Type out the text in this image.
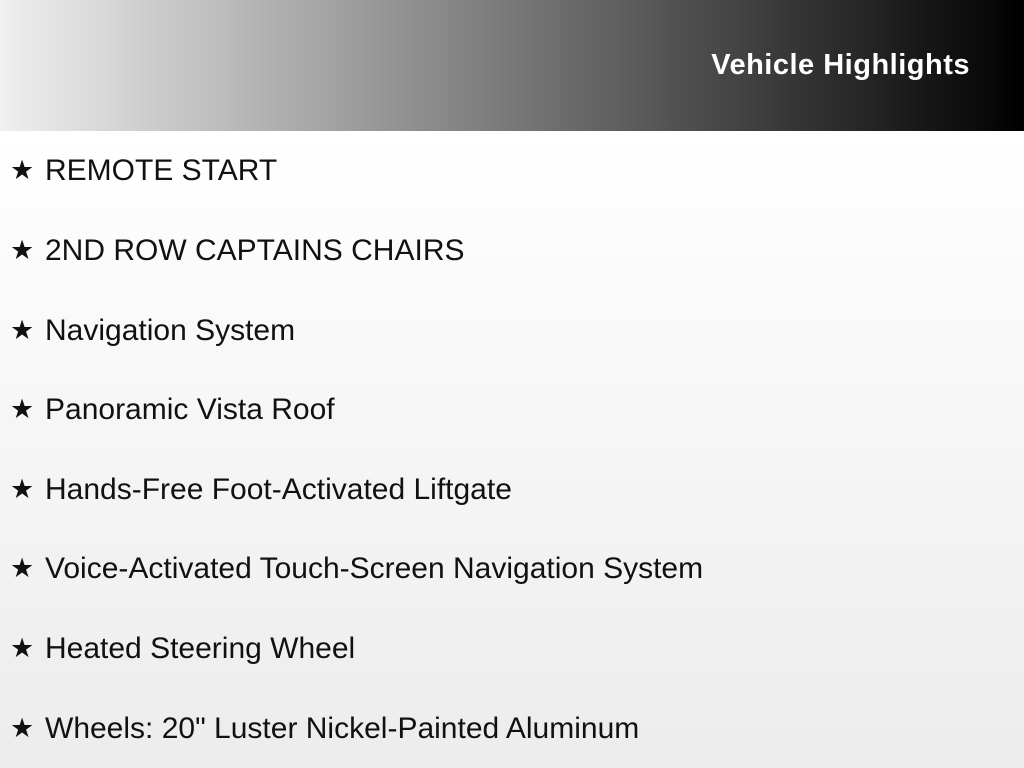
Vehicle Highlights
★ REMOTE START
★ 2ND ROW CAPTAINS CHAIRS
★ Navigation System
★ Panoramic Vista Roof
★ Hands-Free Foot-Activated Liftgate
★ Voice-Activated Touch-Screen Navigation System
★ Heated Steering Wheel
★ Wheels: 20" Luster Nickel-Painted Aluminum
